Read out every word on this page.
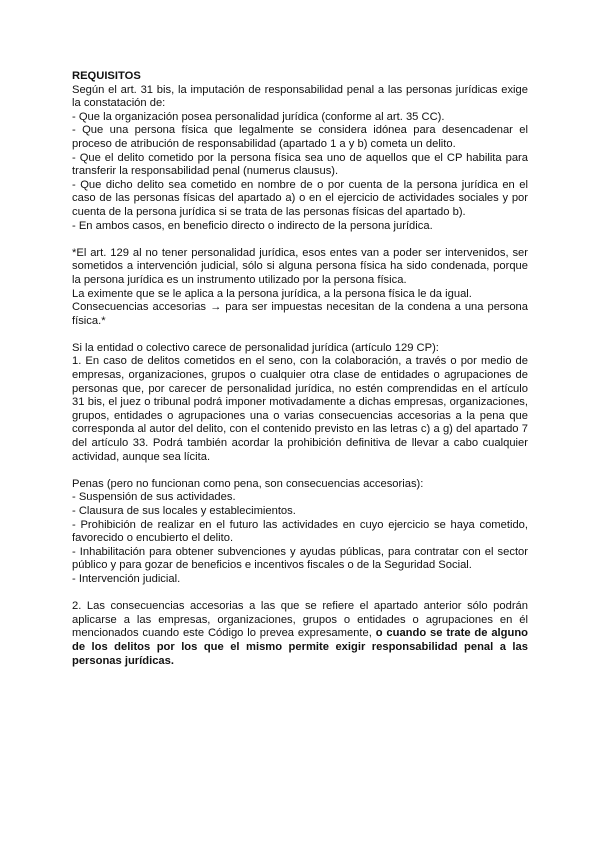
REQUISITOS

Según el art. 31 bis, la imputación de responsabilidad penal a las personas jurídicas exige la constatación de:

- Que la organización posea personalidad jurídica (conforme al art. 35 CC).

- Que una persona física que legalmente se considera idónea para desencadenar el proceso de atribución de responsabilidad (apartado 1 a y b) cometa un delito.

- Que el delito cometido por la persona física sea uno de aquellos que el CP habilita para transferir la responsabilidad penal (numerus clausus).

- Que dicho delito sea cometido en nombre de o por cuenta de la persona jurídica en el caso de las personas físicas del apartado a) o en el ejercicio de actividades sociales y por cuenta de la persona jurídica si se trata de las personas físicas del apartado b).

- En ambos casos, en beneficio directo o indirecto de la persona jurídica.

*El art. 129 al no tener personalidad jurídica, esos entes van a poder ser intervenidos, ser sometidos a intervención judicial, sólo si alguna persona física ha sido condenada, porque la persona jurídica es un instrumento utilizado por la persona física.

La eximente que se le aplica a la persona jurídica, a la persona física le da igual.

Consecuencias accesorias → para ser impuestas necesitan de la condena a una persona física.*

Si la entidad o colectivo carece de personalidad jurídica (artículo 129 CP):

1. En caso de delitos cometidos en el seno, con la colaboración, a través o por medio de empresas, organizaciones, grupos o cualquier otra clase de entidades o agrupaciones de personas que, por carecer de personalidad jurídica, no estén comprendidas en el artículo 31 bis, el juez o tribunal podrá imponer motivadamente a dichas empresas, organizaciones, grupos, entidades o agrupaciones una o varias consecuencias accesorias a la pena que corresponda al autor del delito, con el contenido previsto en las letras c) a g) del apartado 7 del artículo 33. Podrá también acordar la prohibición definitiva de llevar a cabo cualquier actividad, aunque sea lícita.

Penas (pero no funcionan como pena, son consecuencias accesorias):

- Suspensión de sus actividades.

- Clausura de sus locales y establecimientos.

- Prohibición de realizar en el futuro las actividades en cuyo ejercicio se haya cometido, favorecido o encubierto el delito.

- Inhabilitación para obtener subvenciones y ayudas públicas, para contratar con el sector público y para gozar de beneficios e incentivos fiscales o de la Seguridad Social.

- Intervención judicial.

2. Las consecuencias accesorias a las que se refiere el apartado anterior sólo podrán aplicarse a las empresas, organizaciones, grupos o entidades o agrupaciones en él mencionados cuando este Código lo prevea expresamente, o cuando se trate de alguno de los delitos por los que el mismo permite exigir responsabilidad penal a las personas jurídicas.
